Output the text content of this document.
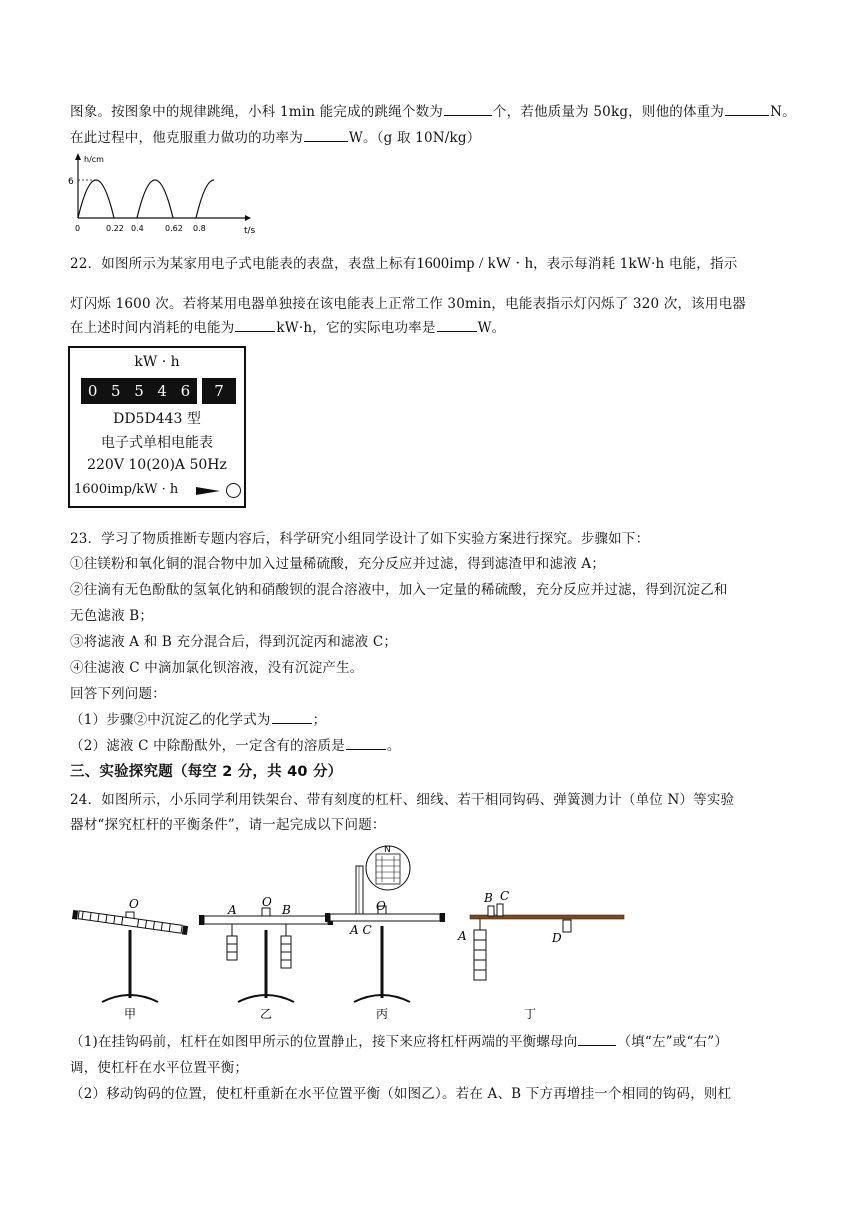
图象。按图象中的规律跳绳，小科 1min 能完成的跳绳个数为	个，若他质量为 50kg，则他的体重为	N。
在此过程中，他克服重力做功的功率为	W。（g 取 10N/kg）
h/cm
t/s
6
0	0.22 0.4	0.62 0.8
22．如图所示为某家用电子式电能表的表盘，表盘上标有1600imp / kW · h，表示每消耗 1kW·h 电能，指示
灯闪烁 1600 次。若将某用电器单独接在该电能表上正常工作 30min，电能表指示灯闪烁了 320 次，该用电器
在上述时间内消耗的电能为	kW·h，它的实际电功率是	W。
kW · h
0 5 5 4 6	7
DD5D443 型
电子式单相电能表
220V 10(20)A 50Hz
1600imp/kW · h
23．学习了物质推断专题内容后，科学研究小组同学设计了如下实验方案进行探究。步骤如下：
①往镁粉和氧化铜的混合物中加入过量稀硫酸，充分反应并过滤，得到滤渣甲和滤液 A；
②往滴有无色酚酞的氢氧化钠和硝酸钡的混合溶液中，加入一定量的稀硫酸，充分反应并过滤，得到沉淀乙和
无色滤液 B；
③将滤液 A 和 B 充分混合后，得到沉淀丙和滤液 C；
④往滤液 C 中滴加氯化钡溶液，没有沉淀产生。
回答下列问题：
（1）步骤②中沉淀乙的化学式为	；
（2）滤液 C 中除酚酞外，一定含有的溶质是	。
三、实验探究题（每空 2 分，共 40 分）
24．如图所示，小乐同学利用铁架台、带有刻度的杠杆、细线、若干相同钩码、弹簧测力计（单位 N）等实验
器材“探究杠杆的平衡条件”，请一起完成以下问题：
O
甲
A
O
B
乙
N
O
A C
丙
A
B C
D
丁
（1)在挂钩码前，杠杆在如图甲所示的位置静止，接下来应将杠杆两端的平衡螺母向	（填“左”或“右”）
调，使杠杆在水平位置平衡；
（2）移动钩码的位置，使杠杆重新在水平位置平衡（如图乙）。若在 A、B 下方再增挂一个相同的钩码，则杠
